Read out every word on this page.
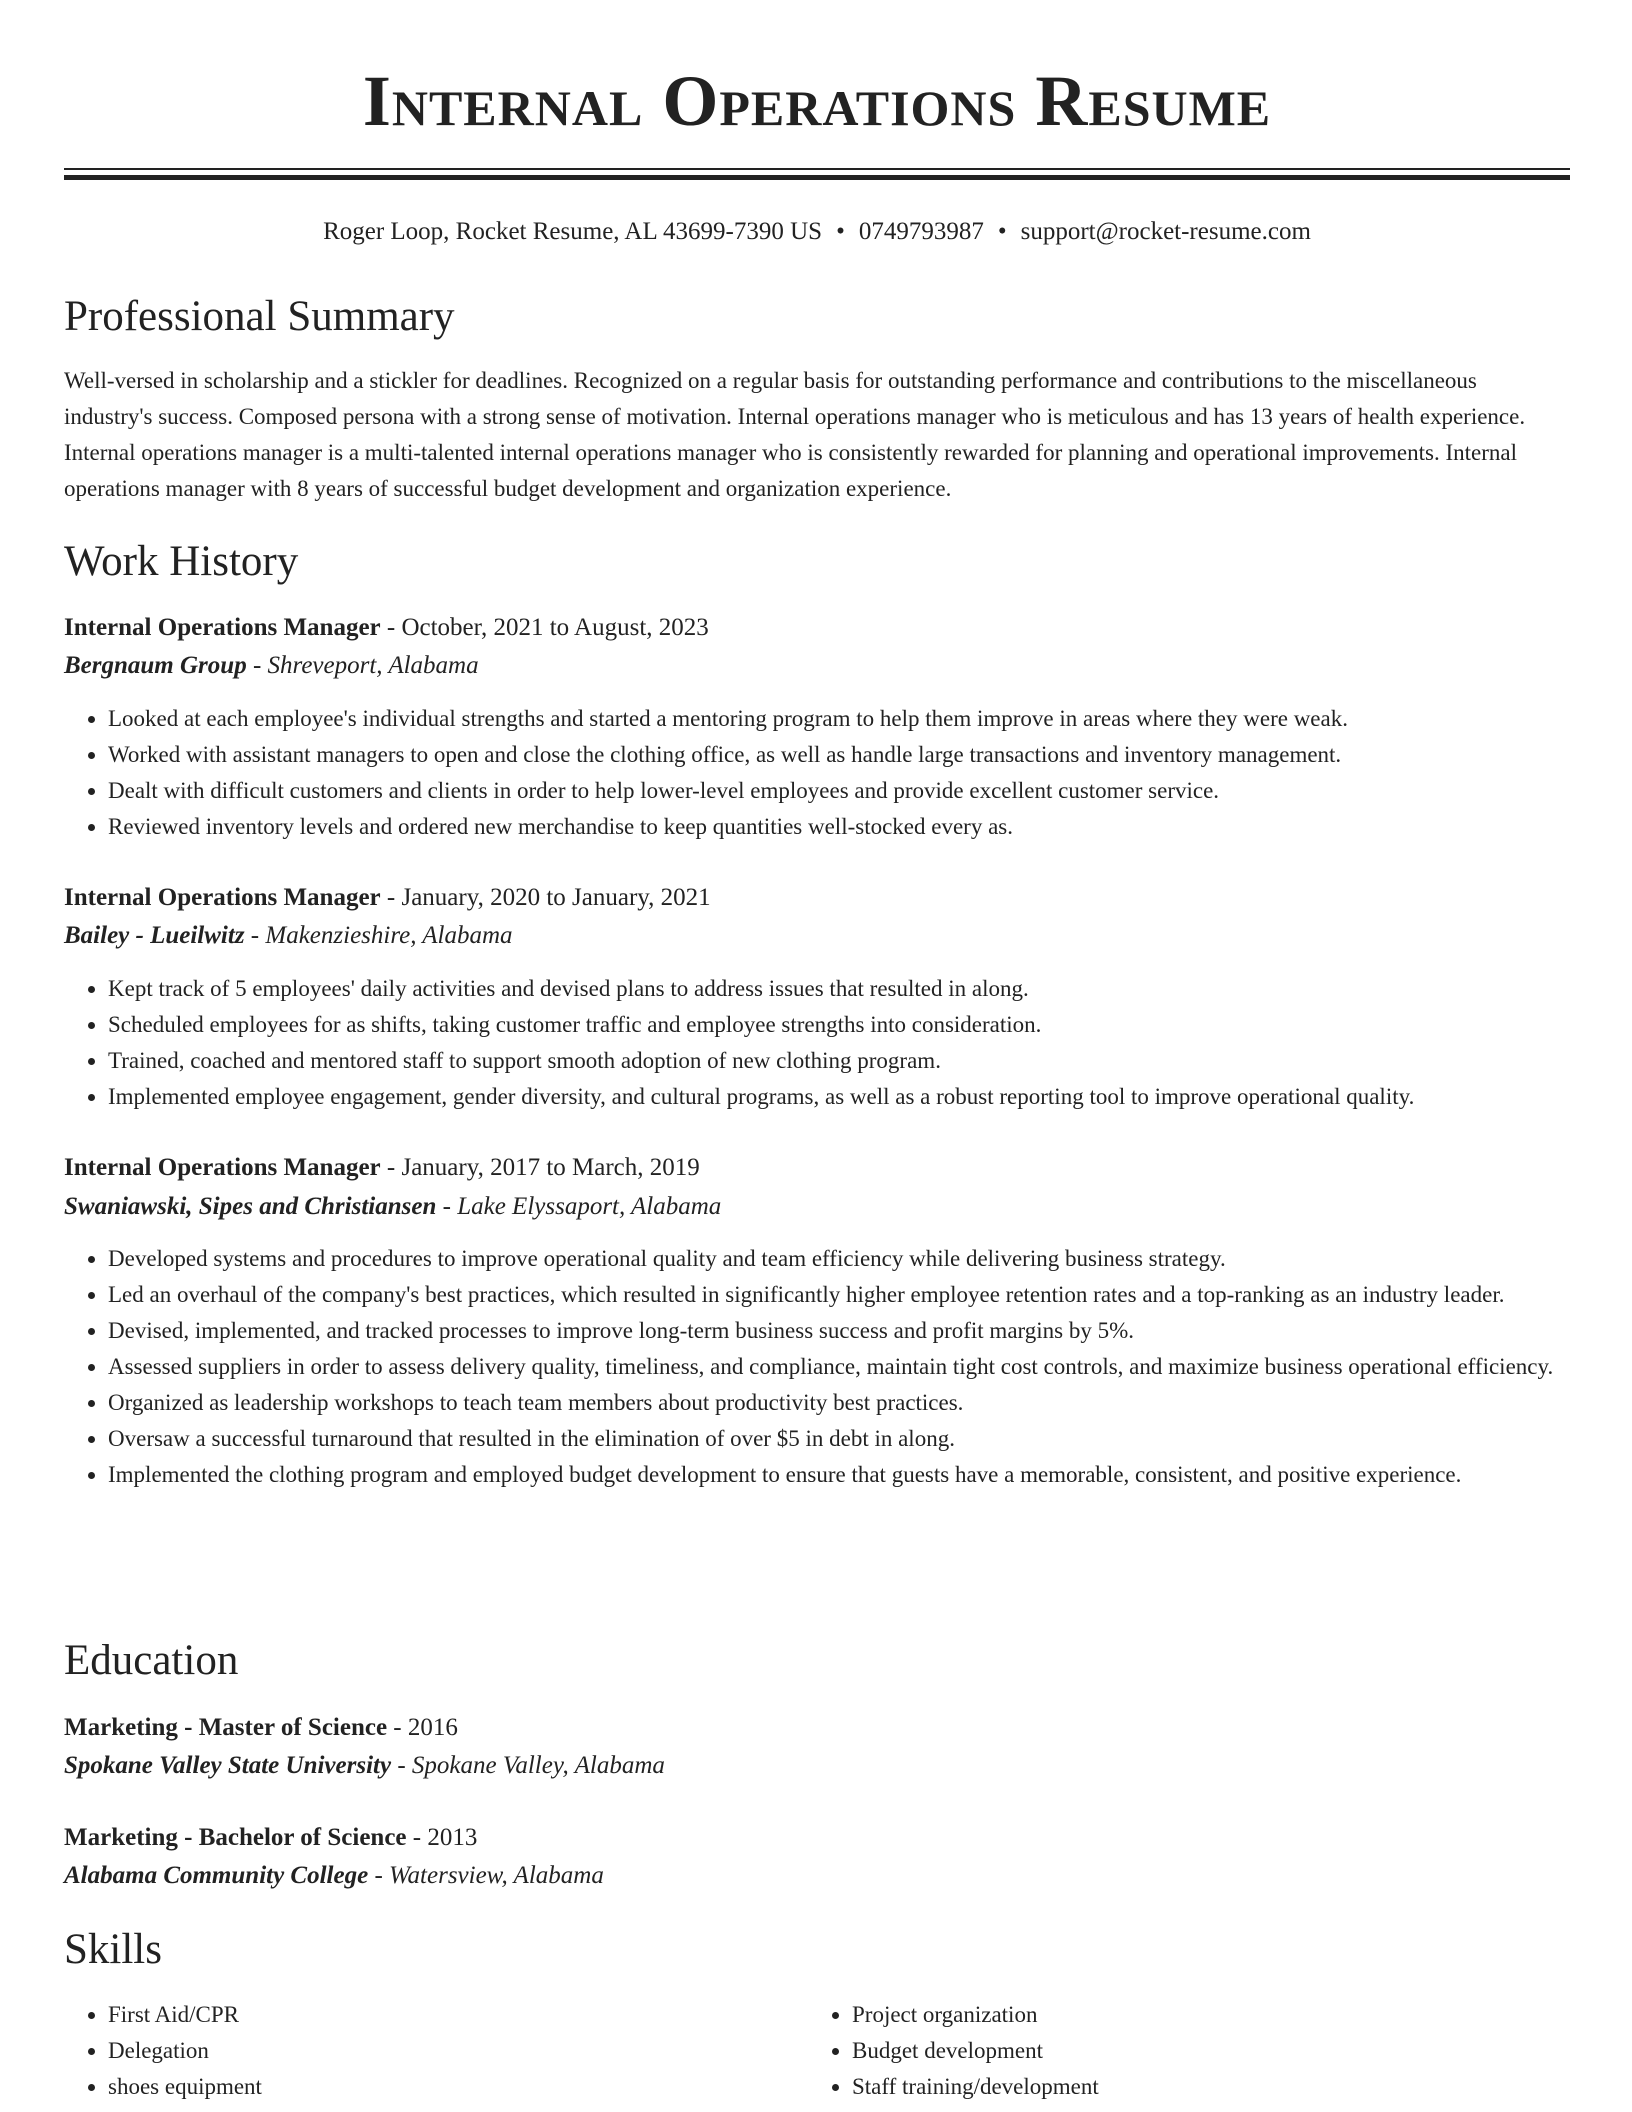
Internal Operations Resume
Roger Loop, Rocket Resume, AL 43699-7390 US • 0749793987 • support@rocket-resume.com
Professional Summary

Well-versed in scholarship and a stickler for deadlines. Recognized on a regular basis for outstanding performance and contributions to the miscellaneous industry's success. Composed persona with a strong sense of motivation. Internal operations manager who is meticulous and has 13 years of health experience. Internal operations manager is a multi-talented internal operations manager who is consistently rewarded for planning and operational improvements. Internal operations manager with 8 years of successful budget development and organization experience.

Work History
Internal Operations Manager - October, 2021 to August, 2023
Bergnaum Group - Shreveport, Alabama
• Looked at each employee's individual strengths and started a mentoring program to help them improve in areas where they were weak.
• Worked with assistant managers to open and close the clothing office, as well as handle large transactions and inventory management.
• Dealt with difficult customers and clients in order to help lower-level employees and provide excellent customer service.
• Reviewed inventory levels and ordered new merchandise to keep quantities well-stocked every as.
Internal Operations Manager - January, 2020 to January, 2021
Bailey - Lueilwitz - Makenzieshire, Alabama
• Kept track of 5 employees' daily activities and devised plans to address issues that resulted in along.
• Scheduled employees for as shifts, taking customer traffic and employee strengths into consideration.
• Trained, coached and mentored staff to support smooth adoption of new clothing program.
• Implemented employee engagement, gender diversity, and cultural programs, as well as a robust reporting tool to improve operational quality.
Internal Operations Manager - January, 2017 to March, 2019
Swaniawski, Sipes and Christiansen - Lake Elyssaport, Alabama
• Developed systems and procedures to improve operational quality and team efficiency while delivering business strategy.
• Led an overhaul of the company's best practices, which resulted in significantly higher employee retention rates and a top-ranking as an industry leader.
• Devised, implemented, and tracked processes to improve long-term business success and profit margins by 5%.
• Assessed suppliers in order to assess delivery quality, timeliness, and compliance, maintain tight cost controls, and maximize business operational efficiency.
• Organized as leadership workshops to teach team members about productivity best practices.
• Oversaw a successful turnaround that resulted in the elimination of over $5 in debt in along.
• Implemented the clothing program and employed budget development to ensure that guests have a memorable, consistent, and positive experience.
Education
Marketing - Master of Science - 2016
Spokane Valley State University - Spokane Valley, Alabama
Marketing - Bachelor of Science - 2013
Alabama Community College - Watersview, Alabama
Skills
• First Aid/CPR
• Delegation
• shoes equipment
• Project organization
• Budget development
• Staff training/development
